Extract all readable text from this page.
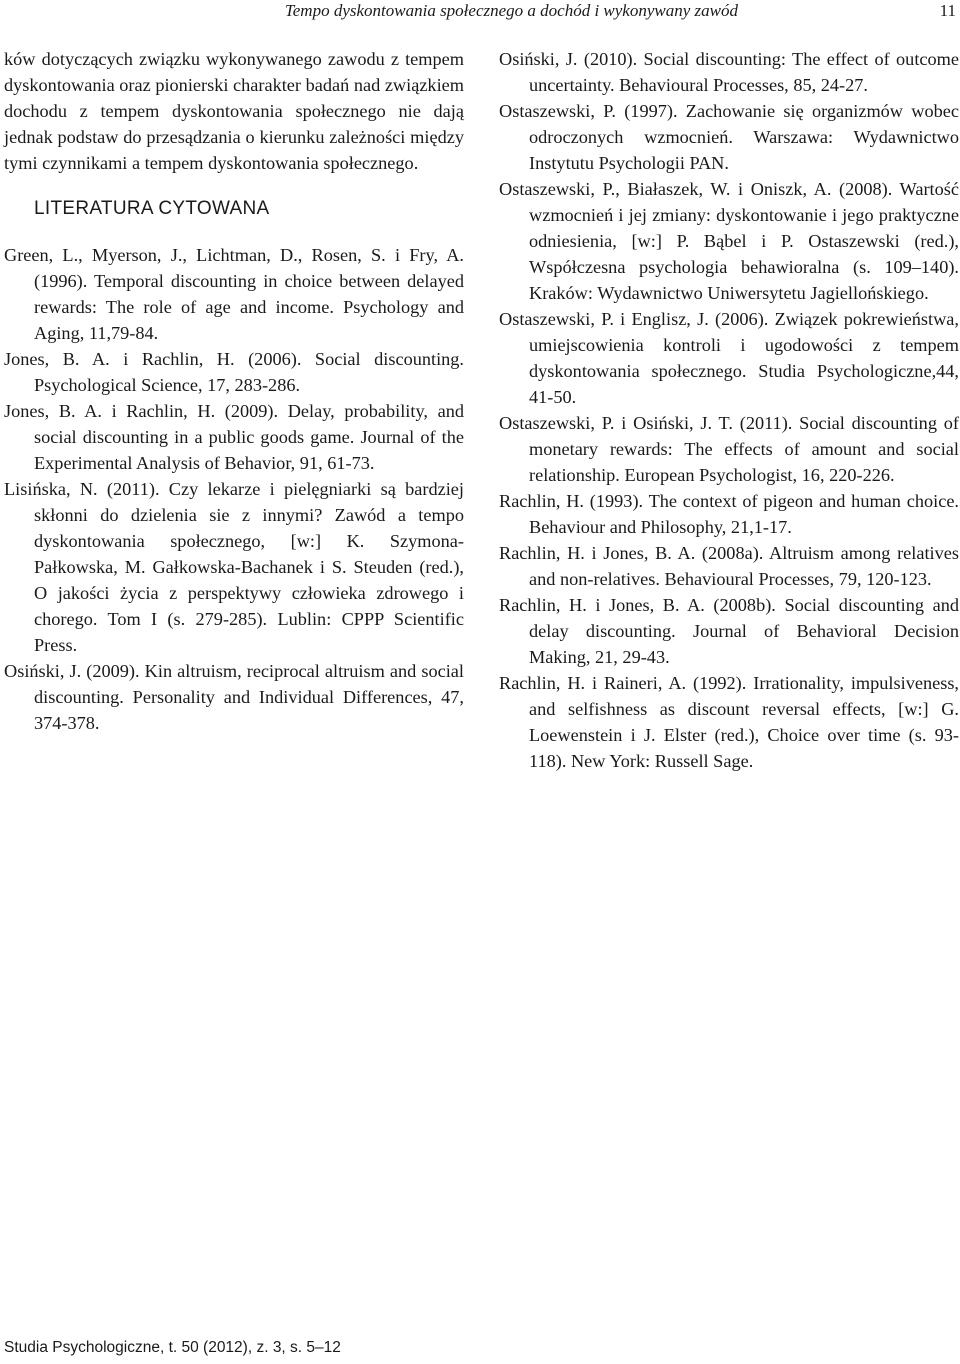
Tempo dyskontowania społecznego a dochód i wykonywany zawód	11

ków dotyczących związku wykonywanego zawodu z tempem dyskontowania oraz pionierski charakter badań nad związkiem dochodu z tempem dyskontowania społecznego nie dają jednak podstaw do przesądzania o kierunku zależności między tymi czynnikami a tempem dyskontowania społecznego.

LITERATURA CYTOWANA

Green, L., Myerson, J., Lichtman, D., Rosen, S. i Fry, A. (1996). Temporal discounting in choice between delayed rewards: The role of age and income. Psychology and Aging, 11,79-84.

Jones, B. A. i Rachlin, H. (2006). Social discounting. Psychological Science, 17, 283-286.

Jones, B. A. i Rachlin, H. (2009). Delay, probability, and social discounting in a public goods game. Journal of the Experimental Analysis of Behavior, 91, 61-73.

Lisińska, N. (2011). Czy lekarze i pielęgniarki są bardziej skłonni do dzielenia sie z innymi? Zawód a tempo dyskontowania społecznego, [w:] K. Szymona-Pałkowska, M. Gałkowska-Bachanek i S. Steuden (red.), O jakości życia z perspektywy człowieka zdrowego i chorego. Tom I (s. 279-285). Lublin: CPPP Scientific Press.

Osiński, J. (2009). Kin altruism, reciprocal altruism and social discounting. Personality and Individual Differences, 47, 374-378.

Osiński, J. (2010). Social discounting: The effect of outcome uncertainty. Behavioural Processes, 85, 24-27.

Ostaszewski, P. (1997). Zachowanie się organizmów wobec odroczonych wzmocnień. Warszawa: Wydawnictwo Instytutu Psychologii PAN.

Ostaszewski, P., Białaszek, W. i Oniszk, A. (2008). Wartość wzmocnień i jej zmiany: dyskontowanie i jego praktyczne odniesienia, [w:] P. Bąbel i P. Ostaszewski (red.), Współczesna psychologia behawioralna (s. 109–140). Kraków: Wydawnictwo Uniwersytetu Jagiellońskiego.

Ostaszewski, P. i Englisz, J. (2006). Związek pokrewieństwa, umiejscowienia kontroli i ugodowości z tempem dyskontowania społecznego. Studia Psychologiczne,44, 41-50.

Ostaszewski, P. i Osiński, J. T. (2011). Social discounting of monetary rewards: The effects of amount and social relationship. European Psychologist, 16, 220-226.

Rachlin, H. (1993). The context of pigeon and human choice. Behaviour and Philosophy, 21,1-17.

Rachlin, H. i Jones, B. A. (2008a). Altruism among relatives and non-relatives. Behavioural Processes, 79, 120-123.

Rachlin, H. i Jones, B. A. (2008b). Social discounting and delay discounting. Journal of Behavioral Decision Making, 21, 29-43.

Rachlin, H. i Raineri, A. (1992). Irrationality, impulsiveness, and selfishness as discount reversal effects, [w:] G. Loewenstein i J. Elster (red.), Choice over time (s. 93-118). New York: Russell Sage.

Studia Psychologiczne, t. 50 (2012), z. 3, s. 5–12
